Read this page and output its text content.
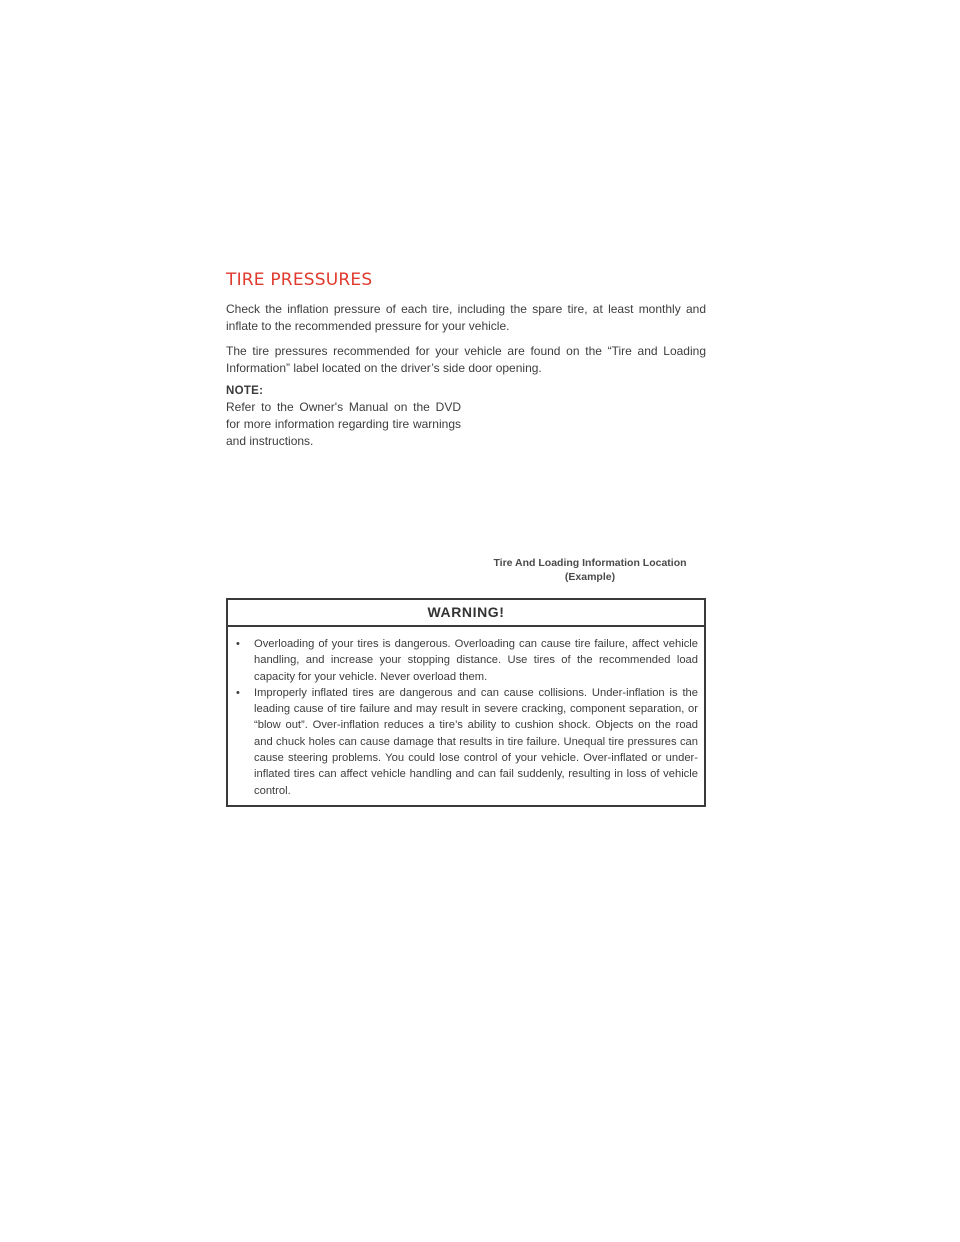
TIRE PRESSURES

Check the inflation pressure of each tire, including the spare tire, at least monthly and inflate to the recommended pressure for your vehicle.

The tire pressures recommended for your vehicle are found on the “Tire and Loading Information” label located on the driver’s side door opening.

NOTE:

Refer to the Owner's Manual on the DVD for more information regarding tire warnings and instructions.

Tire And Loading Information Location
(Example)
WARNING!
• Overloading of your tires is dangerous. Overloading can cause tire failure, affect vehicle handling, and increase your stopping distance. Use tires of the recommended load capacity for your vehicle. Never overload them.
• Improperly inflated tires are dangerous and can cause collisions. Under-inflation is the leading cause of tire failure and may result in severe cracking, component separation, or “blow out”. Over-inflation reduces a tire’s ability to cushion shock. Objects on the road and chuck holes can cause damage that results in tire failure. Unequal tire pressures can cause steering problems. You could lose control of your vehicle. Over-inflated or under-inflated tires can affect vehicle handling and can fail suddenly, resulting in loss of vehicle control.
